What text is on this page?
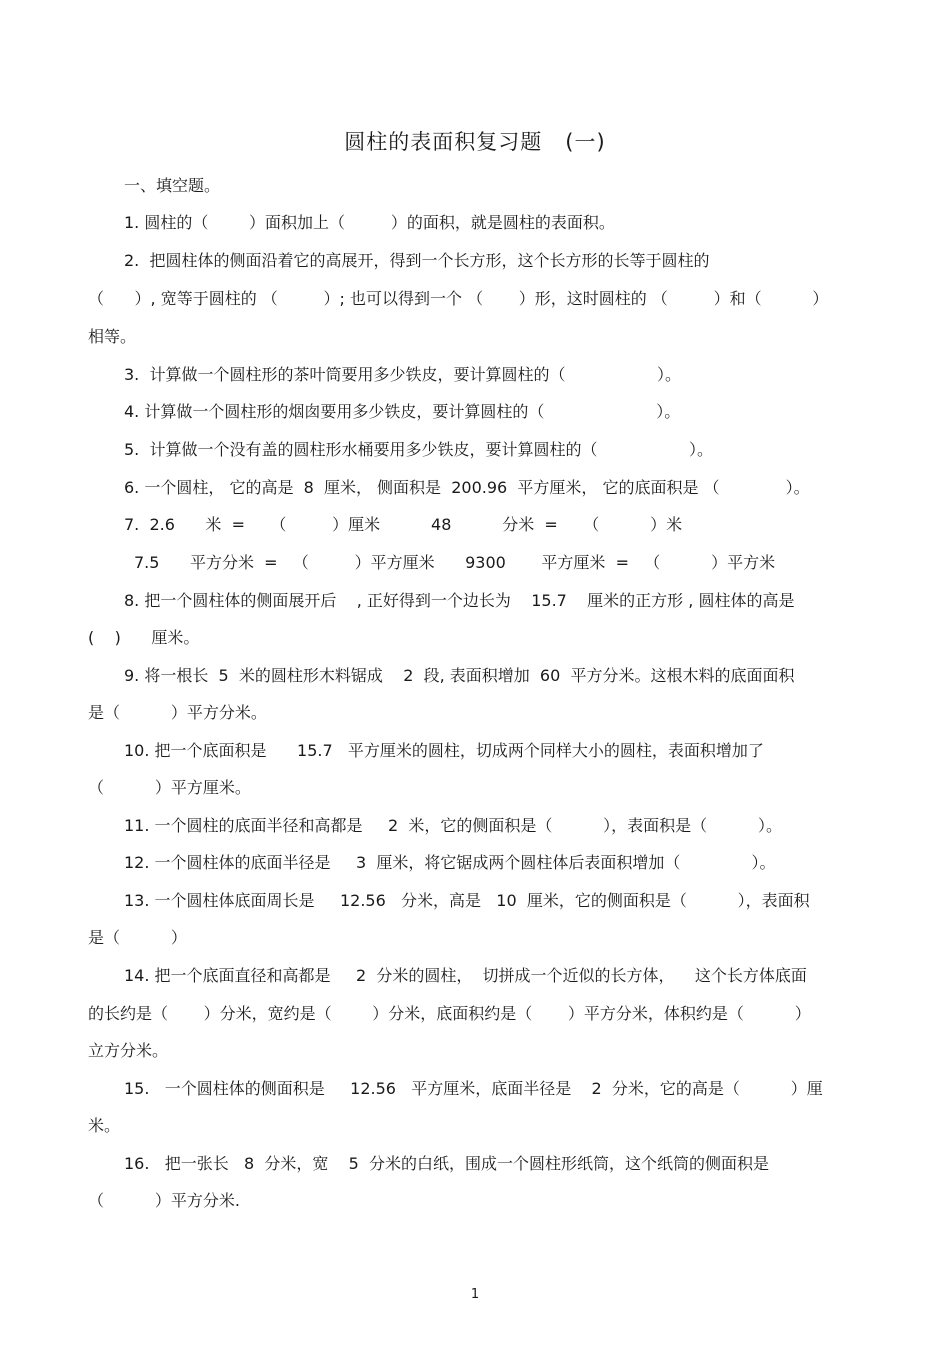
圆柱的表面积复习题   (一)
一、填空题。
1. 圆柱的（        ）面积加上（         ）的面积，就是圆柱的表面积。
2.  把圆柱体的侧面沿着它的高展开，得到一个长方形，这个长方形的长等于圆柱的
（      ）, 宽等于圆柱的 （         ）; 也可以得到一个 （       ）形，这时圆柱的 （         ）和（          ）
相等。
3.  计算做一个圆柱形的茶叶筒要用多少铁皮，要计算圆柱的（                  ）。
4. 计算做一个圆柱形的烟囱要用多少铁皮，要计算圆柱的（                      ）。
5.  计算做一个没有盖的圆柱形水桶要用多少铁皮，要计算圆柱的（                  ）。
6. 一个圆柱， 它的高是  8  厘米， 侧面积是  200.96  平方厘米， 它的底面积是 （             ）。
7.  2.6      米  =     （         ）厘米          48          分米  =     （          ）米
7.5      平方分米  =   （         ）平方厘米      9300       平方厘米  =   （          ）平方米
8. 把一个圆柱体的侧面展开后    , 正好得到一个边长为    15.7    厘米的正方形 , 圆柱体的高是
(    )      厘米。
9. 将一根长  5  米的圆柱形木料锯成    2  段, 表面积增加  60  平方分米。这根木料的底面面积
是（          ）平方分米。
10. 把一个底面积是      15.7   平方厘米的圆柱，切成两个同样大小的圆柱，表面积增加了
（          ）平方厘米。
11. 一个圆柱的底面半径和高都是     2  米，它的侧面积是（          ），表面积是（          ）。
12. 一个圆柱体的底面半径是     3  厘米，将它锯成两个圆柱体后表面积增加（              ）。
13. 一个圆柱体底面周长是     12.56   分米，高是   10  厘米，它的侧面积是（          ），表面积
是（          ）
14. 把一个底面直径和高都是     2  分米的圆柱，  切拼成一个近似的长方体，    这个长方体底面
的长约是（       ）分米，宽约是（        ）分米，底面积约是（       ）平方分米，体积约是（          ）
立方分米。
15.   一个圆柱体的侧面积是     12.56   平方厘米，底面半径是    2  分米，它的高是（          ）厘
米。
16.   把一张长   8  分米，宽    5  分米的白纸，围成一个圆柱形纸筒，这个纸筒的侧面积是
（          ）平方分米.
1
